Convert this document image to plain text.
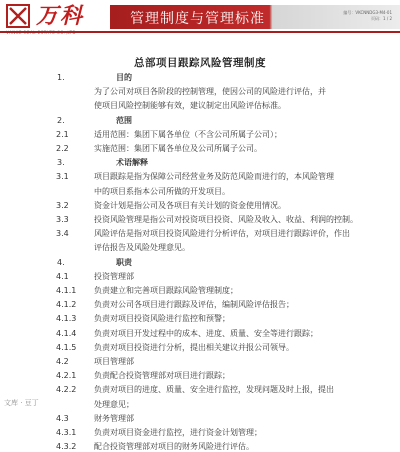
万科	管理制度与管理标准	编号：VKCNNDG3-M4-01
页码：1 / 2
总部项目跟踪风险管理制度
1.	目的
为了公司对项目各阶段的控制管理，使因公司的风险进行评估，并
使项目风险控制能够有效，建议制定出风险评估标准。
2.	范围
2.1	适用范围：集团下属各单位（不含公司所属子公司）；
2.2	实施范围：集团下属各单位及公司所属子公司。
3.	术语解释
3.1	项目跟踪是指为保障公司经营业务及防范风险而进行的，本风险管理
中的项目系指本公司所做的开发项目。
3.2	资金计划是指公司及各项目有关计划的资金使用情况。
3.3	投资风险管理是指公司对投资项目投资、风险及收入、收益、利润的控制。
3.4	风险评估是指对项目投资风险进行分析评估，对项目进行跟踪评价，作出
评估报告及风险处理意见。
4.	职责
4.1	投资管理部
4.1.1	负责建立和完善项目跟踪风险管理制度；
4.1.2	负责对公司各项目进行跟踪及评估，编制风险评估报告；
4.1.3	负责对项目投资风险进行监控和预警；
4.1.4	负责对项目开发过程中的成本、进度、质量、安全等进行跟踪；
4.1.5	负责对项目投资进行分析，提出相关建议并报公司领导。
4.2	项目管理部
4.2.1	负责配合投资管理部对项目进行跟踪；
4.2.2	负责对项目的进度、质量、安全进行监控，发现问题及时上报，提出
处理意见；
4.3	财务管理部
4.3.1	负责对项目资金进行监控，进行资金计划管理；
4.3.2	配合投资管理部对项目的财务风险进行评估。
文库 · 豆丁
